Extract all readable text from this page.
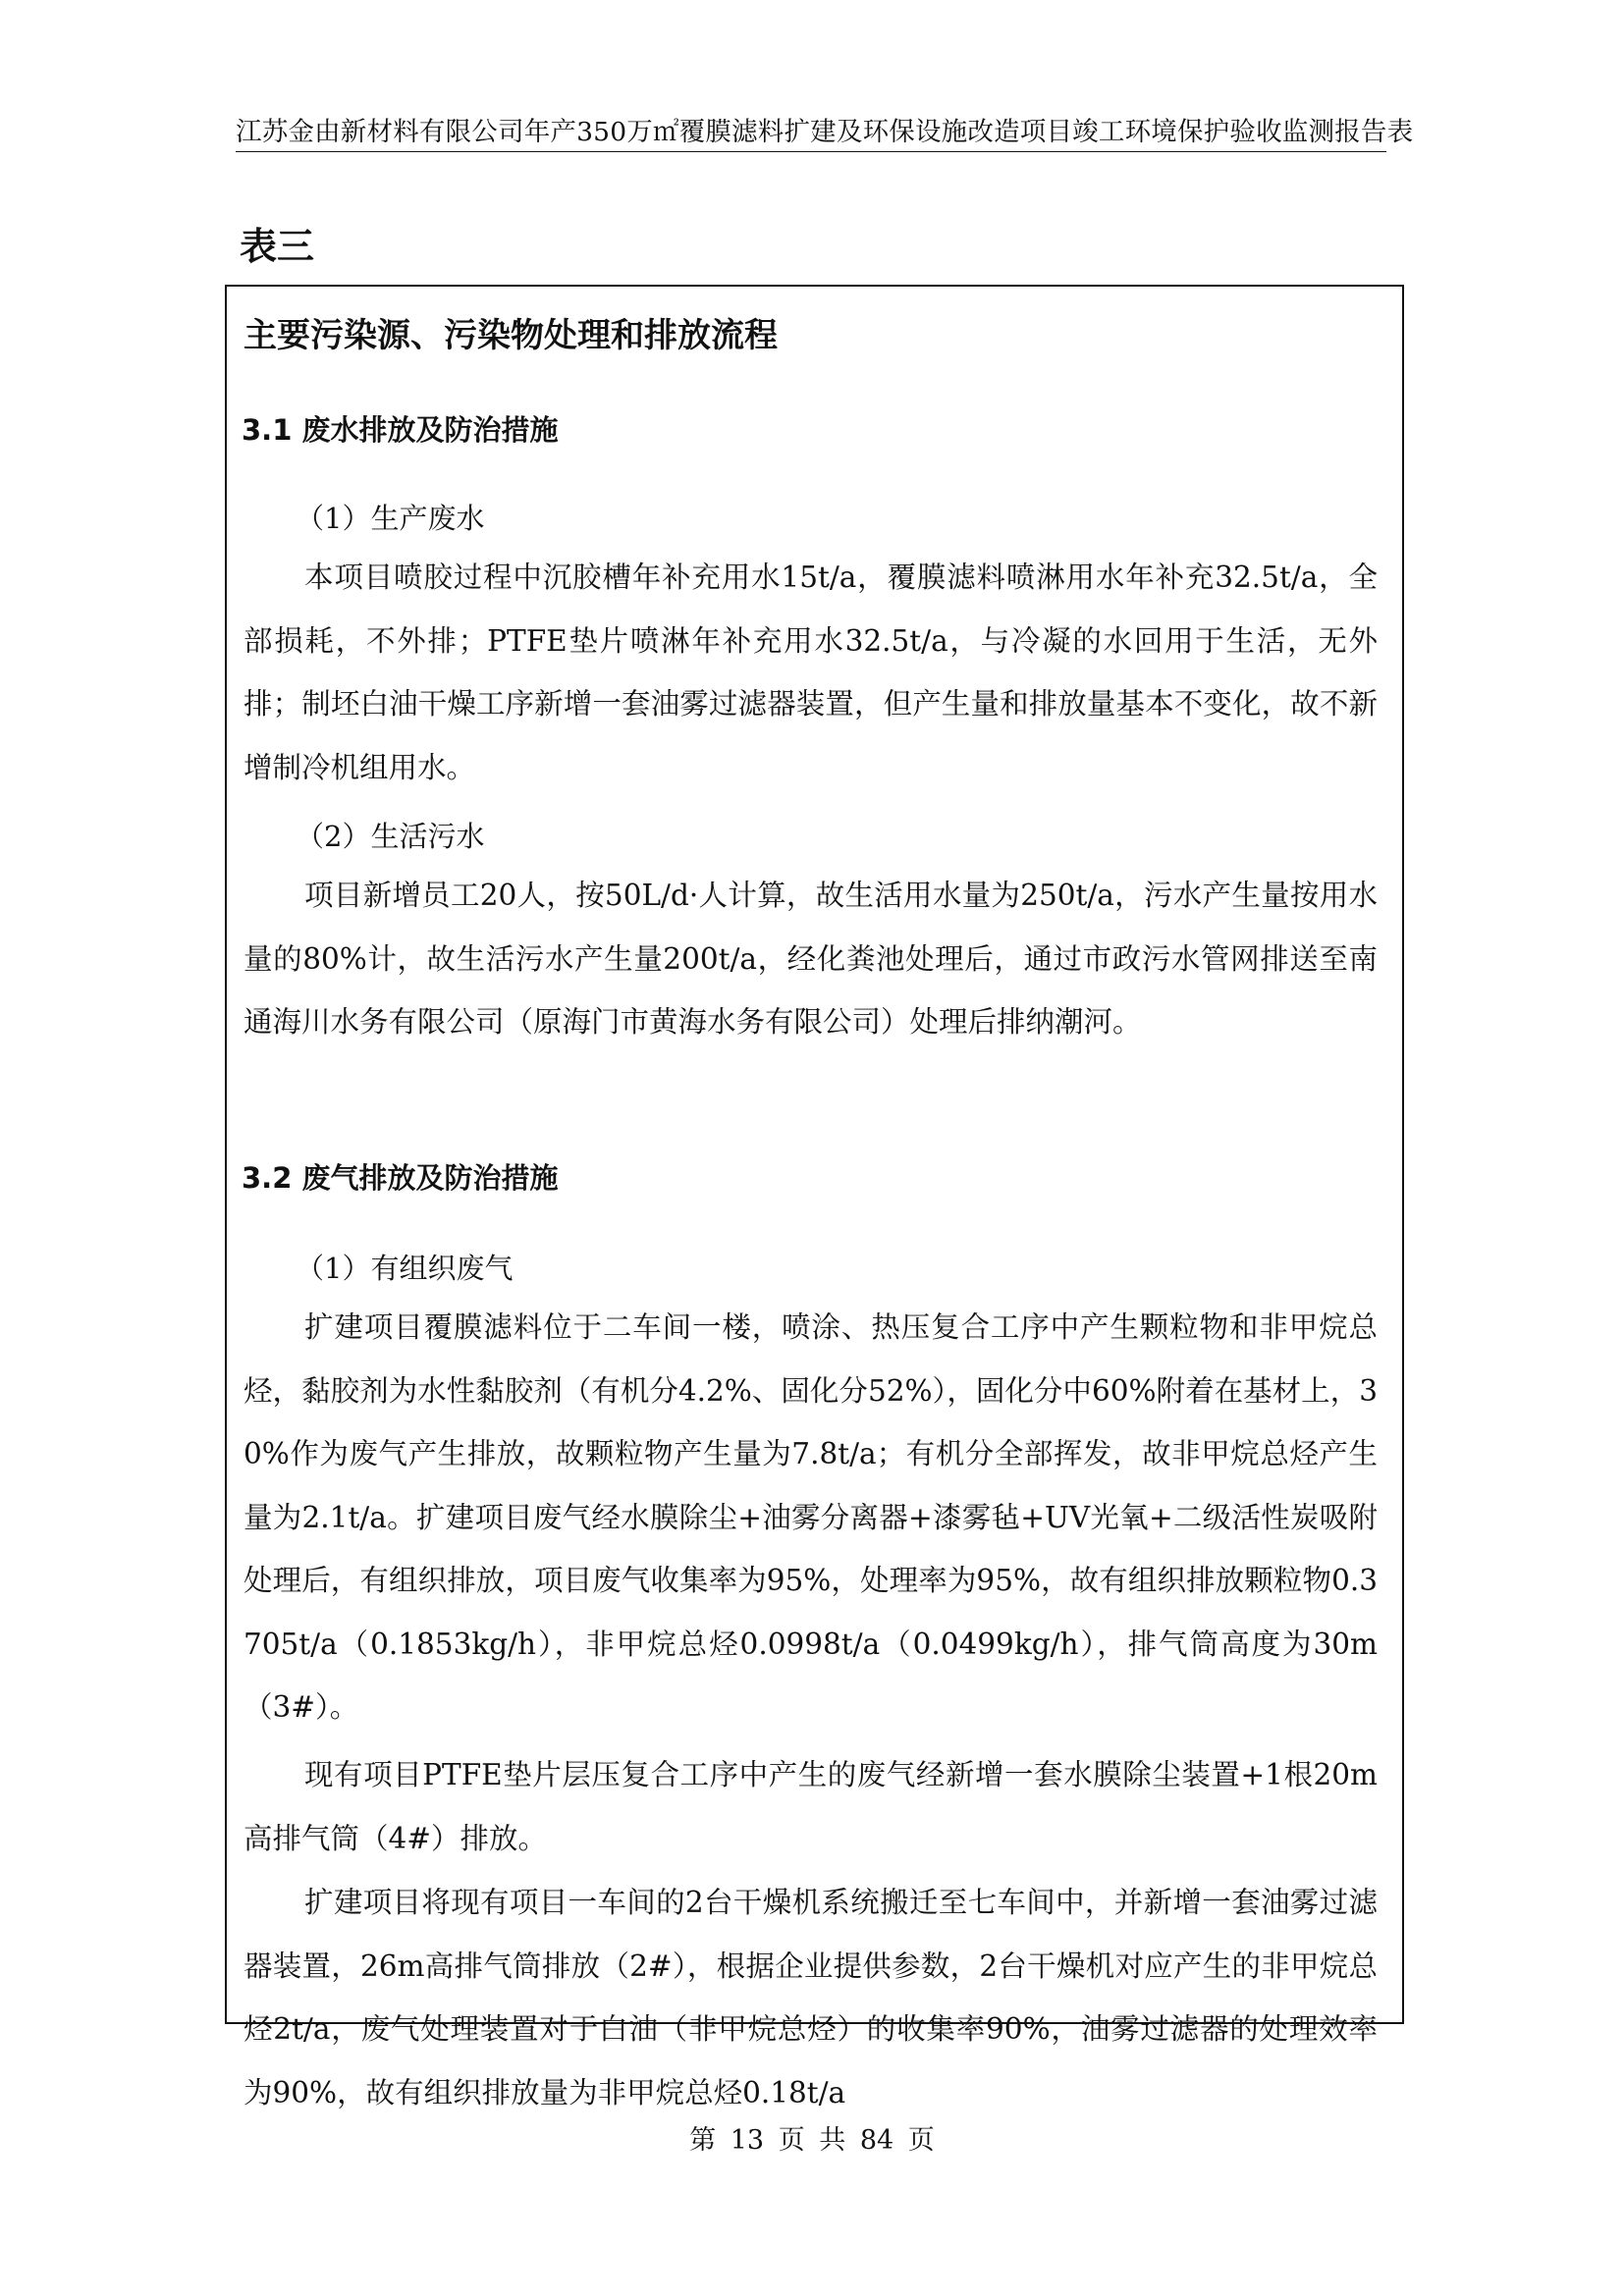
江苏金由新材料有限公司年产350万㎡覆膜滤料扩建及环保设施改造项目竣工环境保护验收监测报告表
表三
主要污染源、污染物处理和排放流程
3.1 废水排放及防治措施
（1）生产废水

本项目喷胶过程中沉胶槽年补充用水15t/a，覆膜滤料喷淋用水年补充32.5t/a，全部损耗，不外排；PTFE垫片喷淋年补充用水32.5t/a，与冷凝的水回用于生活，无外排；制坯白油干燥工序新增一套油雾过滤器装置，但产生量和排放量基本不变化，故不新增制冷机组用水。

（2）生活污水

项目新增员工20人，按50L/d·人计算，故生活用水量为250t/a，污水产生量按用水量的80%计，故生活污水产生量200t/a，经化粪池处理后，通过市政污水管网排送至南通海川水务有限公司（原海门市黄海水务有限公司）处理后排纳潮河。

3.2 废气排放及防治措施
（1）有组织废气

扩建项目覆膜滤料位于二车间一楼，喷涂、热压复合工序中产生颗粒物和非甲烷总烃，黏胶剂为水性黏胶剂（有机分4.2%、固化分52%），固化分中60%附着在基材上，30%作为废气产生排放，故颗粒物产生量为7.8t/a；有机分全部挥发，故非甲烷总烃产生量为2.1t/a。扩建项目废气经水膜除尘+油雾分离器+漆雾毡+UV光氧+二级活性炭吸附处理后，有组织排放，项目废气收集率为95%，处理率为95%，故有组织排放颗粒物0.3705t/a（0.1853kg/h），非甲烷总烃0.0998t/a（0.0499kg/h），排气筒高度为30m（3#）。

现有项目PTFE垫片层压复合工序中产生的废气经新增一套水膜除尘装置+1根20m高排气筒（4#）排放。

扩建项目将现有项目一车间的2台干燥机系统搬迁至七车间中，并新增一套油雾过滤器装置，26m高排气筒排放（2#），根据企业提供参数，2台干燥机对应产生的非甲烷总烃2t/a，废气处理装置对于白油（非甲烷总烃）的收集率90%，油雾过滤器的处理效率为90%，故有组织排放量为非甲烷总烃0.18t/a

第 13 页 共 84 页
